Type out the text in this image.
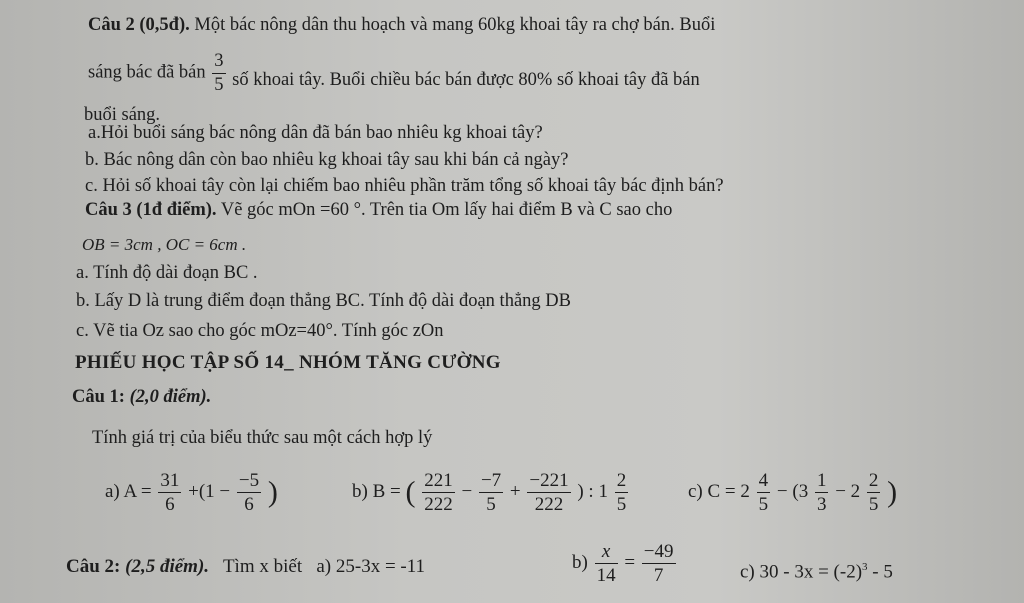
Câu 2 (0,5đ). Một bác nông dân thu hoạch và mang 60kg khoai tây ra chợ bán. Buổi
sáng bác đã bán $\frac{3}{5}$ số khoai tây. Buổi chiều bác bán được 80% số khoai tây đã bán
buổi sáng.
a.Hỏi buổi sáng bác nông dân đã bán bao nhiêu kg khoai tây?
b. Bác nông dân còn bao nhiêu kg khoai tây sau khi bán cả ngày?
c. Hỏi số khoai tây còn lại chiếm bao nhiêu phần trăm tổng số khoai tây bác định bán?
Câu 3 (1đ điểm). Vẽ góc mOn =60 °. Trên tia Om lấy hai điểm B và C sao cho
OB = 3cm , OC = 6cm .
a. Tính độ dài đoạn BC .
b. Lấy D là trung điểm đoạn thẳng BC. Tính độ dài đoạn thẳng DB
c. Vẽ tia Oz sao cho góc mOz=40°. Tính góc zOn
PHIẾU HỌC TẬP SỐ 14_ NHÓM TĂNG CƯỜNG
Câu 1: (2,0 điểm).
Tính giá trị của biểu thức sau một cách hợp lý
a) $A = \frac{31}{6} +(1 - \frac{-5}{6}$ )	b) B = ( $\frac{221}{222} - \frac{-7}{5} + \frac{-221}{222}$ ) : $1 \frac{2}{5}$	c) $C = 2 \frac{4}{5} - (3 \frac{1}{3} - 2 \frac{2}{5}$ )
Câu 2: (2,5 điểm). Tìm x biết a) 25-3x = -11	$b) \frac{x}{14} = \frac{-49}{7}$	c) $30 - 3x = (-2)^3 - 5$
